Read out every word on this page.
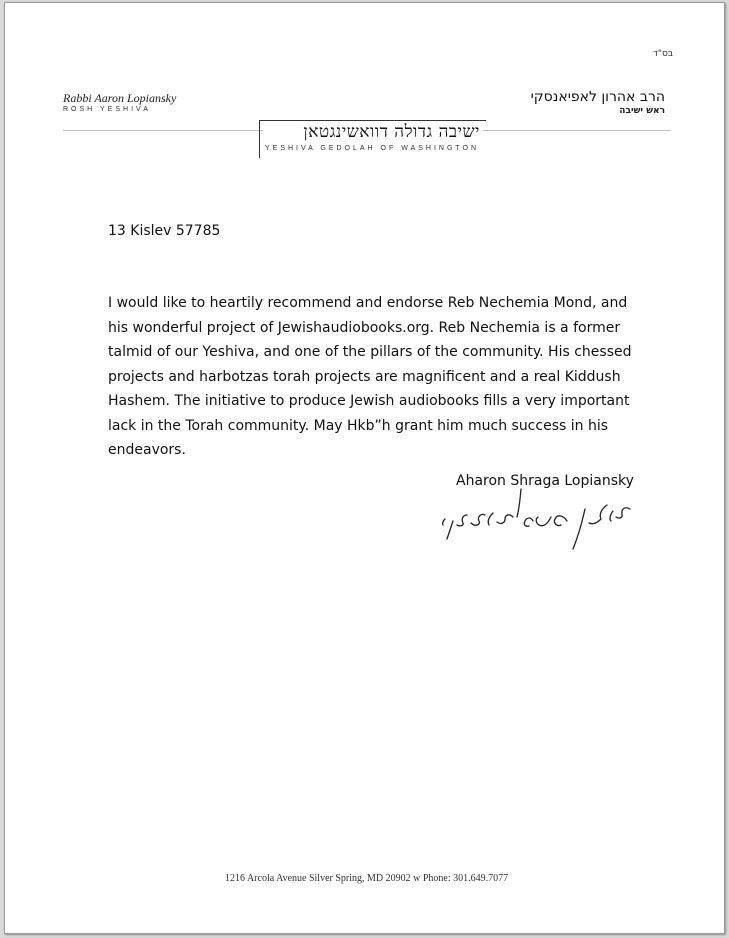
בס"ד
Rabbi Aaron Lopiansky
ROSH YESHIVA
הרב אהרון לאפיאנסקי
ראש ישיבה
ישיבה גדולה דוואשינגטאן
YESHIVA GEDOLAH OF WASHINGTON
13 Kislev 57785

I would like to heartily recommend and endorse Reb Nechemia Mond, and
his wonderful project of Jewishaudiobooks.org. Reb Nechemia is a former
talmid of our Yeshiva, and one of the pillars of the community. His chessed
projects and harbotzas torah projects are magnificent and a real Kiddush
Hashem. The initiative to produce Jewish audiobooks fills a very important
lack in the Torah community. May Hkb”h grant him much success in his
endeavors.

Aharon Shraga Lopiansky
1216 Arcola Avenue Silver Spring, MD 20902 w Phone: 301.649.7077
